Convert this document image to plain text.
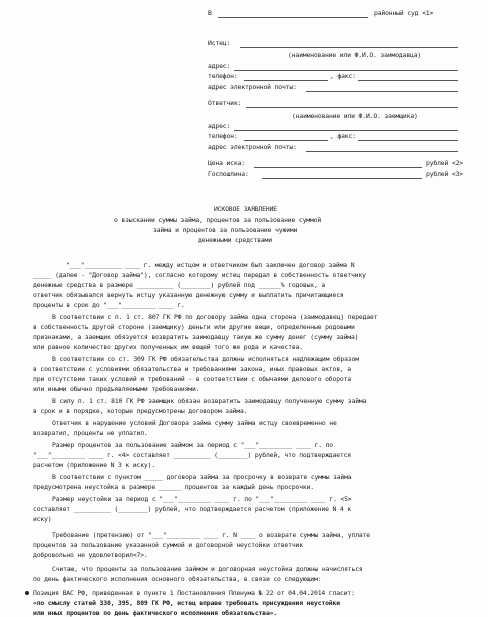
В	районный суд <1>
Истец:
(наименование или Ф.И.О. заимодавца)
адрес:
телефон:	, факс:
адрес электронной почты:
Ответчик:
(наименование или Ф.И.О. заемщика)
адрес:
телефон:	, факс:
адрес электронной почты:
Цена иска:	рублей <2>
Госпошлина:	рублей <3>
ИСКОВОЕ ЗАЯВЛЕНИЕ
о взыскании суммы займа, процентов за пользование суммой
займа и процентов за пользование чужими
денежными средствами
"___"__________ ____ г. между истцом и ответчиком был заключен договор займа N
_____ (далее - "Договор займа"), согласно которому истец передал в собственность ответчику
денежные средства в размере __________ (________) рублей под ______% годовых, а
ответчик обязывался вернуть истцу указанную денежную сумму и выплатить причитающиеся
проценты в срок до "___"_________ ____ г.
В соответствии с п. 1 ст. 807 ГК РФ по договору займа одна сторона (заимодавец) передает
в собственность другой стороне (заемщику) деньги или другие вещи, определенные родовыми
признаками, а заемщик обязуется возвратить заимодавцу такую же сумму денег (сумму займа)
или равное количество других полученных им вещей того же рода и качества.
В соответствии со ст. 309 ГК РФ обязательства должны исполняться надлежащим образом
в соответствии с условиями обязательства и требованиями закона, иных правовых актов, а
при отсутствии таких условий и требований - в соответствии с обычаями делового оборота
или иными обычно предъявляемыми требованиями.
В силу п. 1 ст. 810 ГК РФ заемщик обязан возвратить заимодавцу полученную сумму займа
в срок и в порядке, которые предусмотрены договором займа.
Ответчик в нарушение условий Договора займа сумму займа истцу своевременно не
возвратил, проценты не уплатил.
Размер процентов за пользование займом за период с "___"_________ ____ г. по
"___"_________ ____ г. <4> составляет __________ (________) рублей, что подтверждается
расчетом (приложение N 3 к иску).
В соответствии с пунктом _____ договора займа за просрочку в возврате суммы займа
предусмотрена неустойка в размере ______ процентов за каждый день просрочки.
Размер неустойки за период с "___"_________ ____ г. по "___"_________ ____ г. <5>
составляет __________ (________) рублей, что подтверждается расчетом (приложение N 4 к
иску)
Требование (претензию) от "___"_________ ____ г. N ____ о возврате суммы займа, уплате
процентов за пользование указанной суммой и договорной неустойки ответчик
добровольно не удовлетворил<7>.
Считаю, что проценты за пользование займом и договорная неустойка должны начисляться
по день фактического исполнения основного обязательства, в связи со следующим:
Позиция ВАС РФ, приведенная в пункте 1 Постановления Пленума № 22 от 04.04.2014 гласит:
«по смыслу статей 330, 395, 809 ГК РФ, истец вправе требовать присуждения неустойки
или иных процентов по день фактического исполнения обязательства».
